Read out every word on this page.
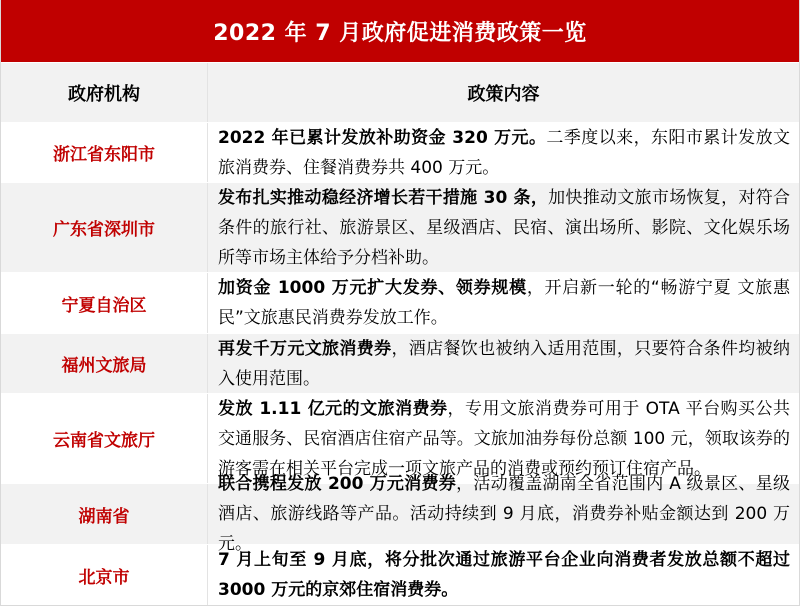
2022 年 7 月政府促进消费政策一览
政府机构	政策内容
浙江省东阳市

2022 年已累计发放补助资金 320 万元。二季度以来，东阳市累计发放文旅消费券、住餐消费券共 400 万元。

广东省深圳市

发布扎实推动稳经济增长若干措施 30 条，加快推动文旅市场恢复，对符合条件的旅行社、旅游景区、星级酒店、民宿、演出场所、影院、文化娱乐场所等市场主体给予分档补助。

宁夏自治区

加资金 1000 万元扩大发券、领券规模，开启新一轮的“畅游宁夏 文旅惠民”文旅惠民消费券发放工作。

福州文旅局

再发千万元文旅消费券，酒店餐饮也被纳入适用范围，只要符合条件均被纳入使用范围。

云南省文旅厅

发放 1.11 亿元的文旅消费券，专用文旅消费券可用于 OTA 平台购买公共交通服务、民宿酒店住宿产品等。文旅加油券每份总额 100 元，领取该券的游客需在相关平台完成一项文旅产品的消费或预约预订住宿产品。

湖南省

联合携程发放 200 万元消费券，活动覆盖湖南全省范围内 A 级景区、星级酒店、旅游线路等产品。活动持续到 9 月底，消费券补贴金额达到 200 万元。

北京市

7 月上旬至 9 月底，将分批次通过旅游平台企业向消费者发放总额不超过 3000 万元的京郊住宿消费券。
